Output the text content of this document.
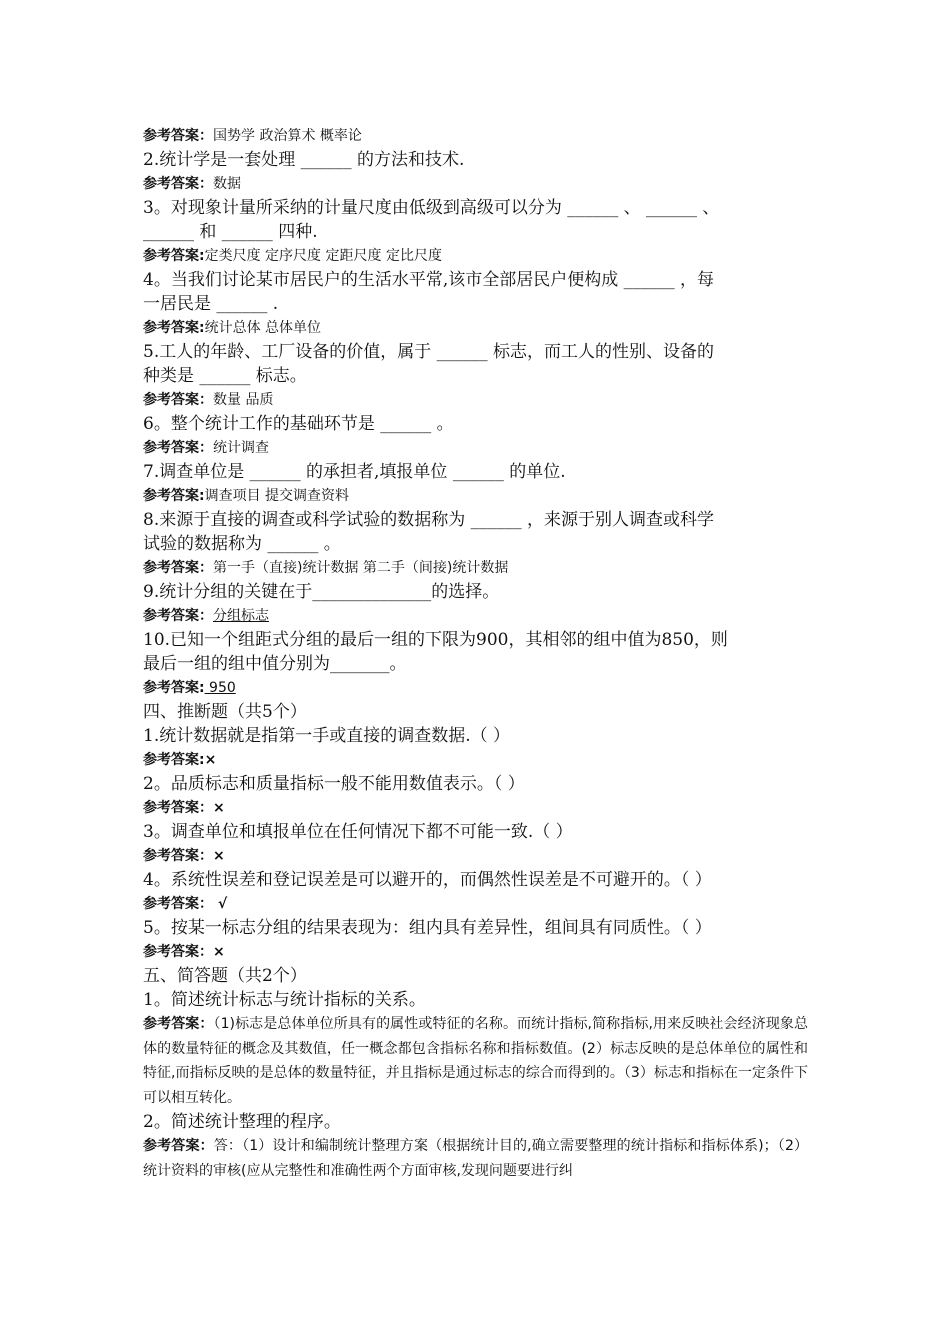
参考答案：国势学 政治算术 概率论
2.统计学是一套处理 ______ 的方法和技术.
参考答案：数据
3。对现象计量所采纳的计量尺度由低级到高级可以分为 ______ 、 ______ 、
______ 和 ______ 四种.
参考答案:定类尺度 定序尺度 定距尺度 定比尺度
4。当我们讨论某市居民户的生活水平常,该市全部居民户便构成 ______ ，每
一居民是 ______ .
参考答案:统计总体 总体单位
5.工人的年龄、工厂设备的价值，属于 ______ 标志，而工人的性别、设备的
种类是 ______ 标志。
参考答案：数量 品质
6。整个统计工作的基础环节是 ______ 。
参考答案：统计调查
7.调查单位是 ______ 的承担者,填报单位 ______ 的单位.
参考答案:调查项目 提交调查资料
8.来源于直接的调查或科学试验的数据称为 ______ ，来源于别人调查或科学
试验的数据称为 ______ 。
参考答案：第一手（直接)统计数据 第二手（间接)统计数据
9.统计分组的关键在于______________的选择。
参考答案：分组标志
10.已知一个组距式分组的最后一组的下限为900，其相邻的组中值为850，则
最后一组的组中值分别为_______。
参考答案: 950
四、推断题（共5个）
1.统计数据就是指第一手或直接的调查数据.（ ）
参考答案:×
2。品质标志和质量指标一般不能用数值表示。（ ）
参考答案：×
3。调查单位和填报单位在任何情况下都不可能一致.（ ）
参考答案：×
4。系统性误差和登记误差是可以避开的，而偶然性误差是不可避开的。（ ）
参考答案： √
5。按某一标志分组的结果表现为：组内具有差异性，组间具有同质性。（ ）
参考答案：×
五、简答题（共2个）
1。简述统计标志与统计指标的关系。
参考答案：（1)标志是总体单位所具有的属性或特征的名称。而统计指标,简称指标,用来反映社会经济现象总体的数量特征的概念及其数值，任一概念都包含指标名称和指标数值。(2）标志反映的是总体单位的属性和特征,而指标反映的是总体的数量特征，并且指标是通过标志的综合而得到的。（3）标志和指标在一定条件下可以相互转化。
2。简述统计整理的程序。
参考答案：答：（1）设计和编制统计整理方案（根据统计目的,确立需要整理的统计指标和指标体系)；（2）统计资料的审核(应从完整性和准确性两个方面审核,发现问题要进行纠
